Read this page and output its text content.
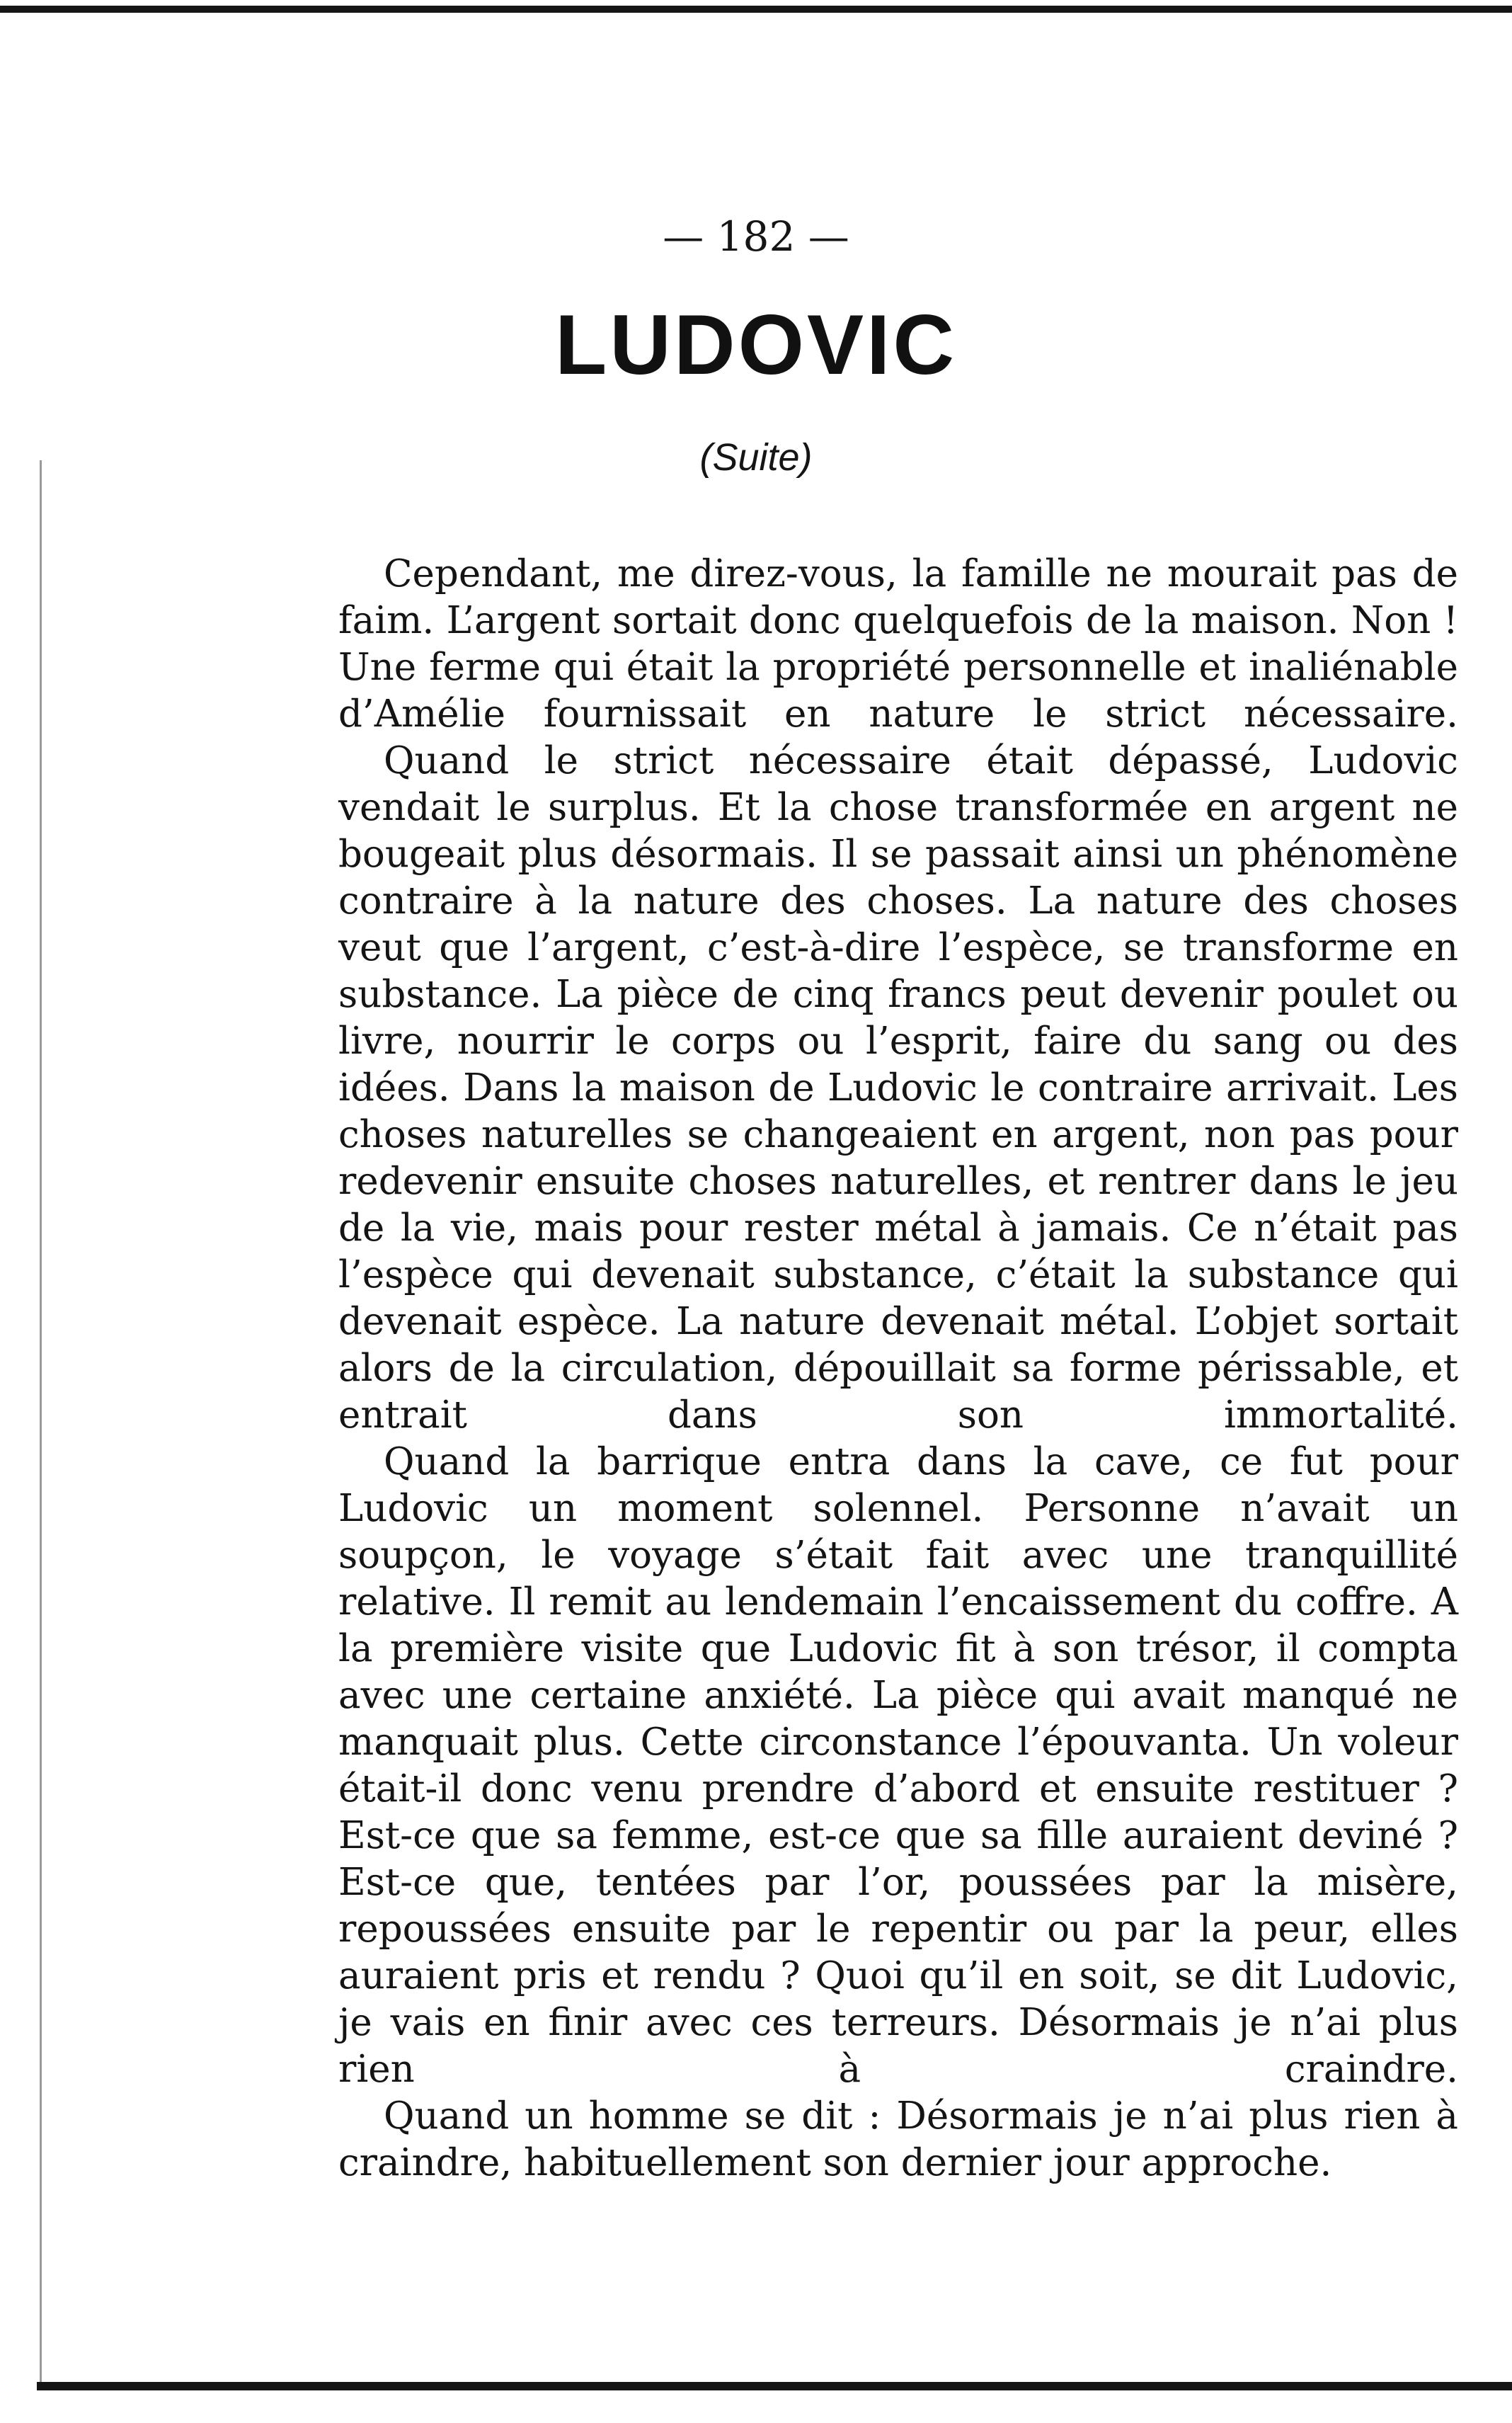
— 182 —
LUDOVIC
(Suite)

Cependant, me direz-vous, la famille ne mourait pas de faim. L’argent sortait donc quelquefois de la maison. Non ! Une ferme qui était la propriété personnelle et inaliénable d’Amélie fournissait en nature le strict nécessaire.

Quand le strict nécessaire était dépassé, Ludovic vendait le surplus. Et la chose transformée en argent ne bougeait plus désormais. Il se passait ainsi un phénomène contraire à la nature des choses. La nature des choses veut que l’argent, c’est-à-dire l’espèce, se transforme en substance. La pièce de cinq francs peut devenir poulet ou livre, nourrir le corps ou l’esprit, faire du sang ou des idées. Dans la maison de Ludovic le contraire arrivait. Les choses naturelles se changeaient en argent, non pas pour redevenir ensuite choses naturelles, et rentrer dans le jeu de la vie, mais pour rester métal à jamais. Ce n’était pas l’espèce qui devenait substance, c’était la substance qui devenait espèce. La nature devenait métal. L’objet sortait alors de la circulation, dépouillait sa forme périssable, et entrait dans son immortalité.

Quand la barrique entra dans la cave, ce fut pour Ludovic un moment solennel. Personne n’avait un soupçon, le voyage s’était fait avec une tranquillité relative. Il remit au lendemain l’encaissement du coffre. A la première visite que Ludovic fit à son trésor, il compta avec une certaine anxiété. La pièce qui avait manqué ne manquait plus. Cette circonstance l’épouvanta. Un voleur était-il donc venu prendre d’abord et ensuite restituer ? Est-ce que sa femme, est-ce que sa fille auraient deviné ? Est-ce que, tentées par l’or, poussées par la misère, repoussées ensuite par le repentir ou par la peur, elles auraient pris et rendu ? Quoi qu’il en soit, se dit Ludovic, je vais en finir avec ces terreurs. Désormais je n’ai plus rien à craindre.

Quand un homme se dit : Désormais je n’ai plus rien à craindre, habituellement son dernier jour approche.
